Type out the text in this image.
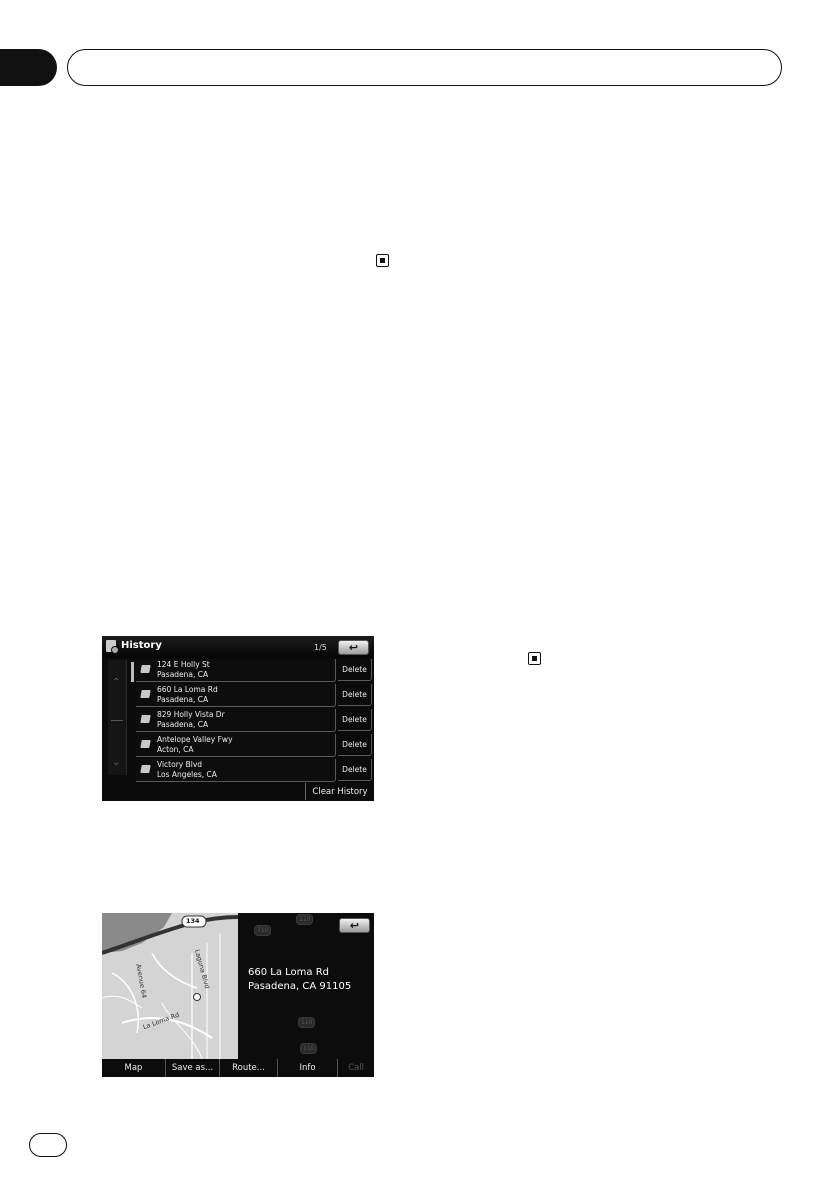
History	1/5 ↩
⌃
⌄
124 E Holly St
Pasadena, CA
Delete
660 La Loma Rd
Pasadena, CA
Delete
829 Holly Vista Dr
Pasadena, CA
Delete
Antelope Valley Fwy
Acton, CA
Delete
Victory Blvd
Los Angeles, CA
Delete
Clear History
134
La Loma Rd
Avenue 64	Laguna Blvd
110
710
110
110
660 La Loma Rd
Pasadena, CA 91105
↩
Map	Save as...	Route...	Info	Call
